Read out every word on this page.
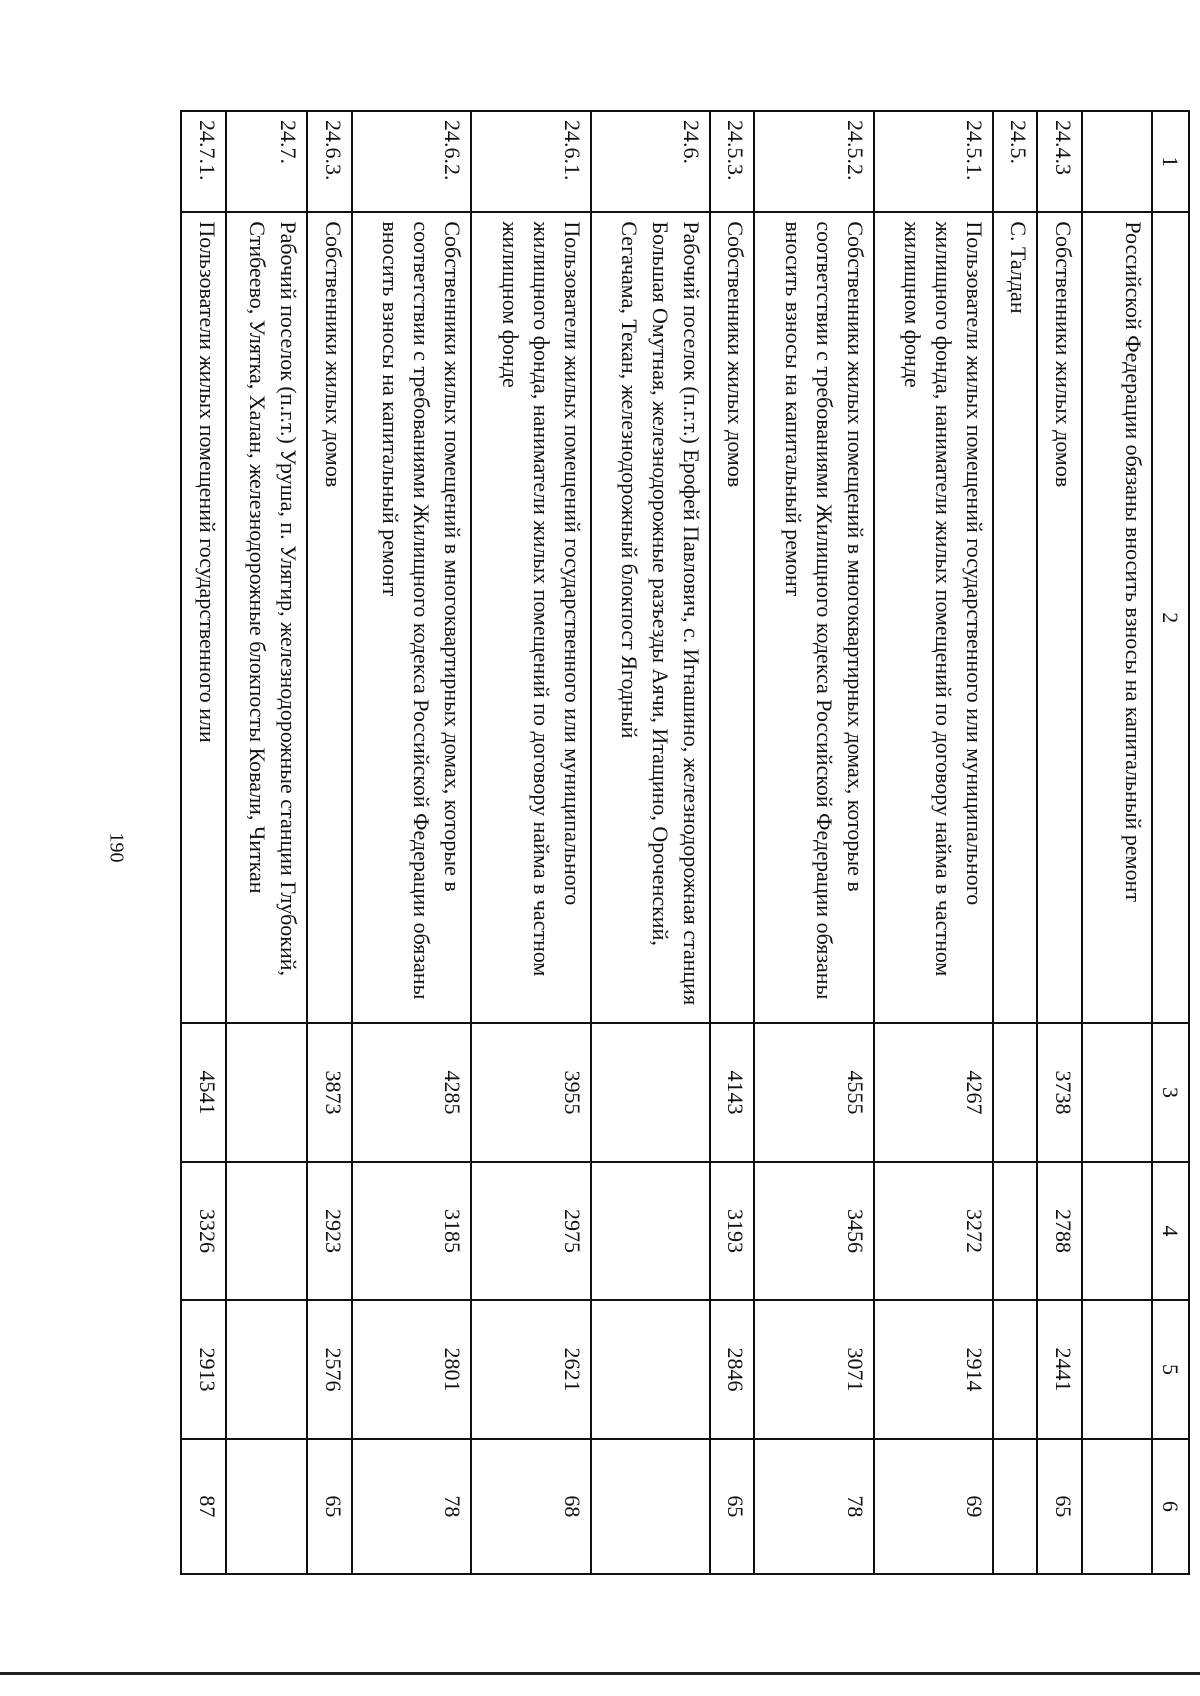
190
1	2	3	4	5	6
	Российской Федерации обязаны вносить взносы на капитальный ремонт				
24.4.3	Собственники жилых домов	3738	2788	2441	65
24.5.	С. Талдан				
24.5.1.	Пользователи жилых помещений государственного или муниципального жилищного фонда, наниматели жилых помещений по договору найма в частном жилищном фонде	4267	3272	2914	69
24.5.2.	Собственники жилых помещений в многоквартирных домах, которые в соответствии с требованиями Жилищного кодекса Российской Федерации обязаны вносить взносы на капитальный ремонт	4555	3456	3071	78
24.5.3.	Собственники жилых домов	4143	3193	2846	65
24.6.	Рабочий поселок (п.г.т.) Ерофей Павлович, с. Игнашино, железнодорожная станция Большая Омутная, железнодорожные разъезды Аячи, Итащино, Ороченский, Сегачама, Текан, железнодорожный блокпост Ягодный				
24.6.1.	Пользователи жилых помещений государственного или муниципального жилищного фонда, наниматели жилых помещений по договору найма в частном жилищном фонде	3955	2975	2621	68
24.6.2.	Собственники жилых помещений в многоквартирных домах, которые в соответствии с требованиями Жилищного кодекса Российской Федерации обязаны вносить взносы на капитальный ремонт	4285	3185	2801	78
24.6.3.	Собственники жилых домов	3873	2923	2576	65
24.7.	Рабочий поселок (п.г.т.) Уруша, п. Улягир, железнодорожные станции Глубокий, Стибеево, Улятка, Халан, железнодорожные блокпосты Ковали, Читкан				
24.7.1.	Пользователи жилых помещений государственного или	4541	3326	2913	87
